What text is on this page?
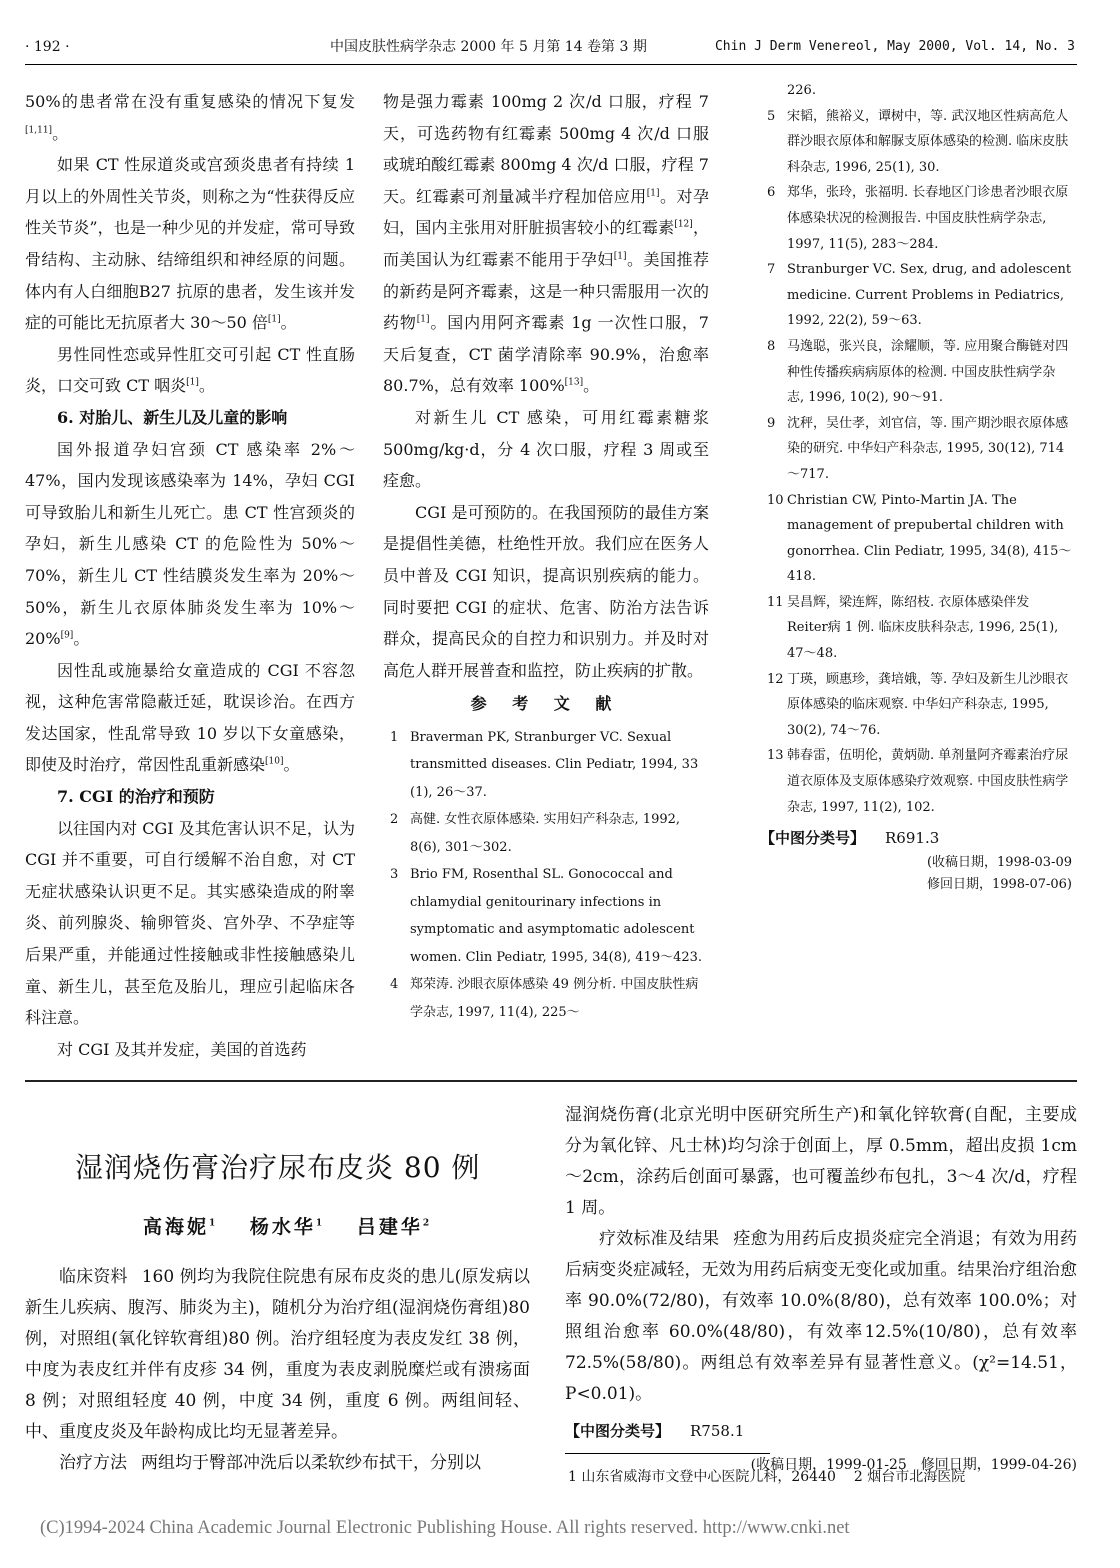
· 192 ·	中国皮肤性病学杂志 2000 年 5 月第 14 卷第 3 期	Chin J Derm Venereol, May 2000, Vol. 14, No. 3

50%的患者常在没有重复感染的情况下复发[1,11]。

如果 CT 性尿道炎或宫颈炎患者有持续 1 月以上的外周性关节炎，则称之为“性获得反应性关节炎”，也是一种少见的并发症，常可导致骨结构、主动脉、结缔组织和神经原的问题。体内有人白细胞B27 抗原的患者，发生该并发症的可能比无抗原者大 30～50 倍[1]。

男性同性恋或异性肛交可引起 CT 性直肠炎，口交可致 CT 咽炎[1]。

6. 对胎儿、新生儿及儿童的影响

国外报道孕妇宫颈 CT 感染率 2%～47%，国内发现该感染率为 14%，孕妇 CGI 可导致胎儿和新生儿死亡。患 CT 性宫颈炎的孕妇，新生儿感染 CT 的危险性为 50%～70%，新生儿 CT 性结膜炎发生率为 20%～50%，新生儿衣原体肺炎发生率为 10%～20%[9]。

因性乱或施暴给女童造成的 CGI 不容忽视，这种危害常隐蔽迁延，耽误诊治。在西方发达国家，性乱常导致 10 岁以下女童感染，即使及时治疗，常因性乱重新感染[10]。

7. CGI 的治疗和预防

以往国内对 CGI 及其危害认识不足，认为 CGI 并不重要，可自行缓解不治自愈，对 CT 无症状感染认识更不足。其实感染造成的附睾炎、前列腺炎、输卵管炎、宫外孕、不孕症等后果严重，并能通过性接触或非性接触感染儿童、新生儿，甚至危及胎儿，理应引起临床各科注意。

对 CGI 及其并发症，美国的首选药

物是强力霉素 100mg 2 次/d 口服，疗程 7天，可选药物有红霉素 500mg 4 次/d 口服或琥珀酸红霉素 800mg 4 次/d 口服，疗程 7 天。红霉素可剂量减半疗程加倍应用[1]。对孕妇，国内主张用对肝脏损害较小的红霉素[12]，而美国认为红霉素不能用于孕妇[1]。美国推荐的新药是阿齐霉素，这是一种只需服用一次的药物[1]。国内用阿齐霉素 1g 一次性口服，7 天后复查，CT 菌学清除率 90.9%，治愈率 80.7%，总有效率 100%[13]。

对新生儿 CT 感染，可用红霉素糖浆 500mg/kg·d，分 4 次口服，疗程 3 周或至痊愈。

CGI 是可预防的。在我国预防的最佳方案是提倡性美德，杜绝性开放。我们应在医务人员中普及 CGI 知识，提高识别疾病的能力。同时要把 CGI 的症状、危害、防治方法告诉群众，提高民众的自控力和识别力。并及时对高危人群开展普查和监控，防止疾病的扩散。

参 考 文 献
1 Braverman PK, Stranburger VC. Sexual transmitted diseases. Clin Pediatr, 1994, 33 (1), 26～37.
2 高健. 女性衣原体感染. 实用妇产科杂志, 1992, 8(6), 301～302.
3 Brio FM, Rosenthal SL. Gonococcal and chlamydial genitourinary infections in symptomatic and asymptomatic adolescent women. Clin Pediatr, 1995, 34(8), 419～423.
4 郑荣涛. 沙眼衣原体感染 49 例分析. 中国皮肤性病学杂志, 1997, 11(4), 225～
226.
5 宋韬，熊裕义，谭树中，等. 武汉地区性病高危人群沙眼衣原体和解脲支原体感染的检测. 临床皮肤科杂志, 1996, 25(1), 30.
6 郑华，张玲，张福明. 长春地区门诊患者沙眼衣原体感染状况的检测报告. 中国皮肤性病学杂志, 1997, 11(5), 283～284.
7 Stranburger VC. Sex, drug, and adolescent medicine. Current Problems in Pediatrics, 1992, 22(2), 59～63.
8 马逸聪，张兴良，涂耀顺，等. 应用聚合酶链对四种性传播疾病病原体的检测. 中国皮肤性病学杂志, 1996, 10(2), 90～91.
9 沈秤，吴仕孝，刘官信，等. 围产期沙眼衣原体感染的研究. 中华妇产科杂志, 1995, 30(12), 714～717.
10 Christian CW, Pinto-Martin JA. The management of prepubertal children with gonorrhea. Clin Pediatr, 1995, 34(8), 415～418.
11 吴昌辉，梁连辉，陈绍枝. 衣原体感染伴发 Reiter病 1 例. 临床皮肤科杂志, 1996, 25(1), 47～48.
12 丁瑛，顾惠珍，龚培娥，等. 孕妇及新生儿沙眼衣原体感染的临床观察. 中华妇产科杂志, 1995, 30(2), 74～76.
13 韩春雷，伍明伦，黄炳勋. 单剂量阿齐霉素治疗尿道衣原体及支原体感染疗效观察. 中国皮肤性病学杂志, 1997, 11(2), 102.
【中图分类号】 R691.3
(收稿日期，1998-03-09
修回日期，1998-07-06)
湿润烧伤膏治疗尿布皮炎 80 例
高海妮$^1$ 杨水华$^1$ 吕建华$^2$

临床资料 160 例均为我院住院患有尿布皮炎的患儿(原发病以新生儿疾病、腹泻、肺炎为主)，随机分为治疗组(湿润烧伤膏组)80 例，对照组(氧化锌软膏组)80 例。治疗组轻度为表皮发红 38 例，中度为表皮红并伴有皮疹 34 例，重度为表皮剥脱糜烂或有溃疡面 8 例；对照组轻度 40 例，中度 34 例，重度 6 例。两组间轻、中、重度皮炎及年龄构成比均无显著差异。

治疗方法 两组均于臀部冲洗后以柔软纱布拭干，分别以

湿润烧伤膏(北京光明中医研究所生产)和氧化锌软膏(自配，主要成分为氧化锌、凡士林)均匀涂于创面上，厚 0.5mm，超出皮损 1cm～2cm，涂药后创面可暴露，也可覆盖纱布包扎，3～4 次/d，疗程 1 周。

疗效标准及结果 痊愈为用药后皮损炎症完全消退；有效为用药后病变炎症减轻，无效为用药后病变无变化或加重。结果治疗组治愈率 90.0%(72/80)，有效率 10.0%(8/80)，总有效率 100.0%；对照组治愈率 60.0%(48/80)，有效率12.5%(10/80)，总有效率 72.5%(58/80)。两组总有效率差异有显著性意义。(χ²=14.51，P<0.01)。

【中图分类号】 R758.1
(收稿日期，1999-01-25　修回日期，1999-04-26)
1 山东省威海市文登中心医院儿科，26440 2 烟台市北海医院
(C)1994-2024 China Academic Journal Electronic Publishing House. All rights reserved. http://www.cnki.net
